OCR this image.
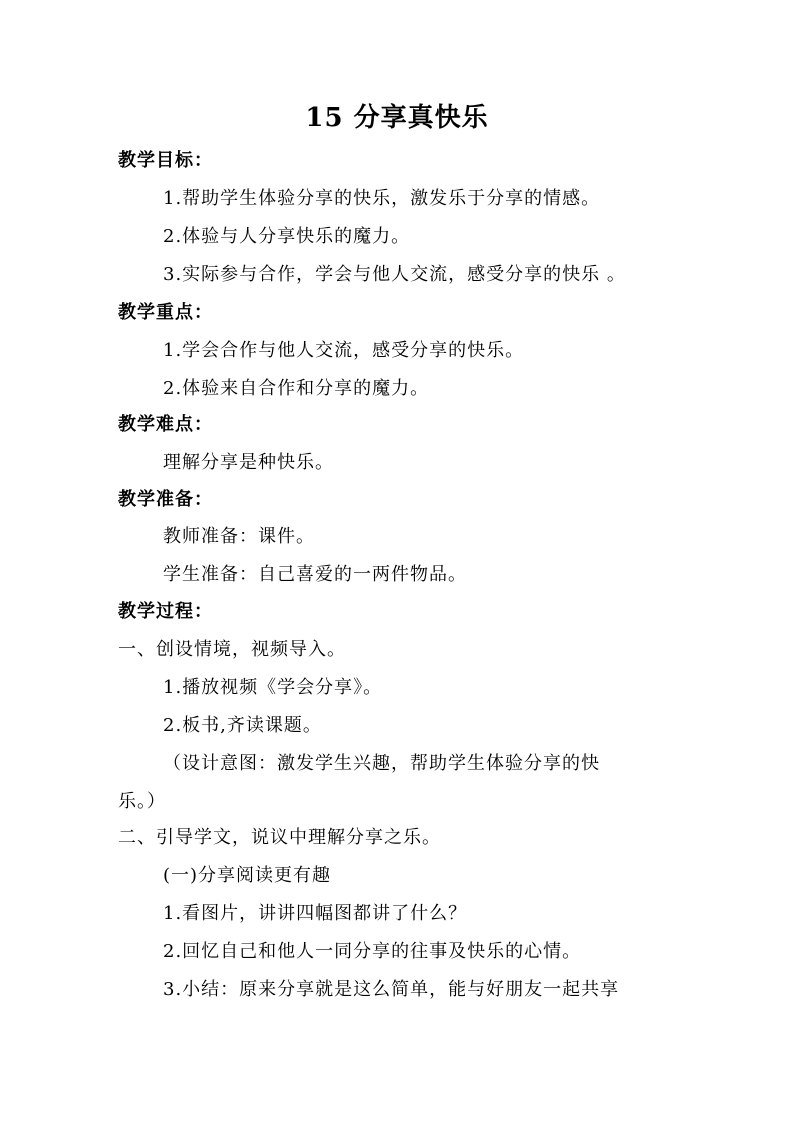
15 分享真快乐
教学目标：
1.帮助学生体验分享的快乐，激发乐于分享的情感。
2.体验与人分享快乐的魔力。
3.实际参与合作，学会与他人交流，感受分享的快乐 。
教学重点：
1.学会合作与他人交流，感受分享的快乐。
2.体验来自合作和分享的魔力。
教学难点：
理解分享是种快乐。
教学准备：
教师准备：课件。
学生准备：自己喜爱的一两件物品。
教学过程：
一、创设情境，视频导入。
1.播放视频《学会分享》。
2.板书,齐读课题。
（设计意图：激发学生兴趣，帮助学生体验分享的快
乐。）
二、引导学文，说议中理解分享之乐。
(一)分享阅读更有趣
1.看图片，讲讲四幅图都讲了什么？
2.回忆自己和他人一同分享的往事及快乐的心情。
3.小结：原来分享就是这么简单，能与好朋友一起共享
